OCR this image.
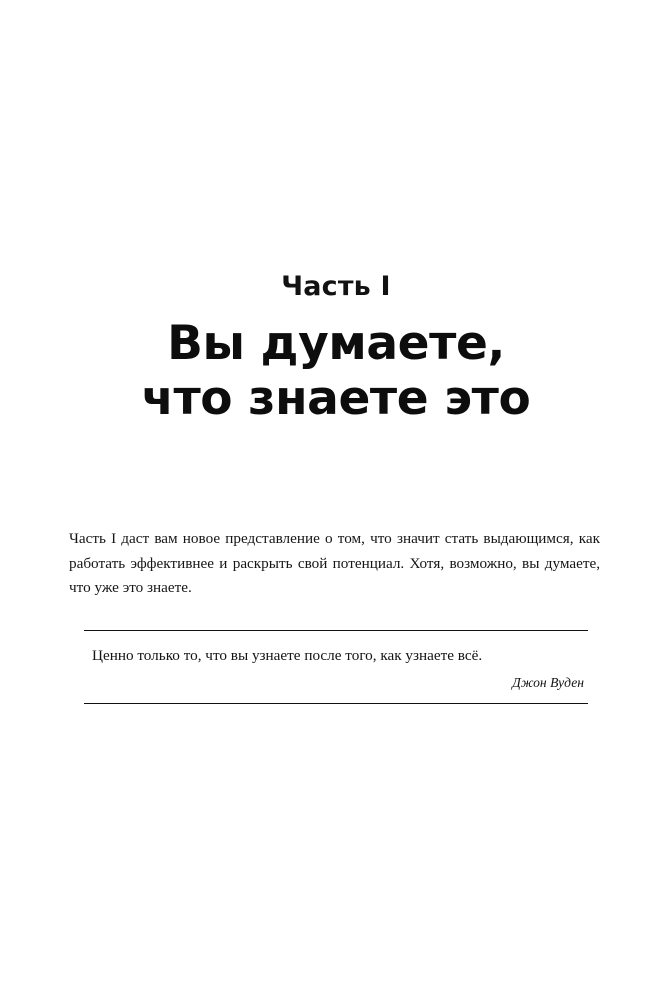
Часть I
Вы думаете,
что знаете это

Часть I даст вам новое представление о том, что значит стать выдающимся, как работать эффективнее и раскрыть свой потенциал. Хотя, возможно, вы думаете, что уже это знаете.

Ценно только то, что вы узнаете после того, как узнаете всё.
Джон Вуден
